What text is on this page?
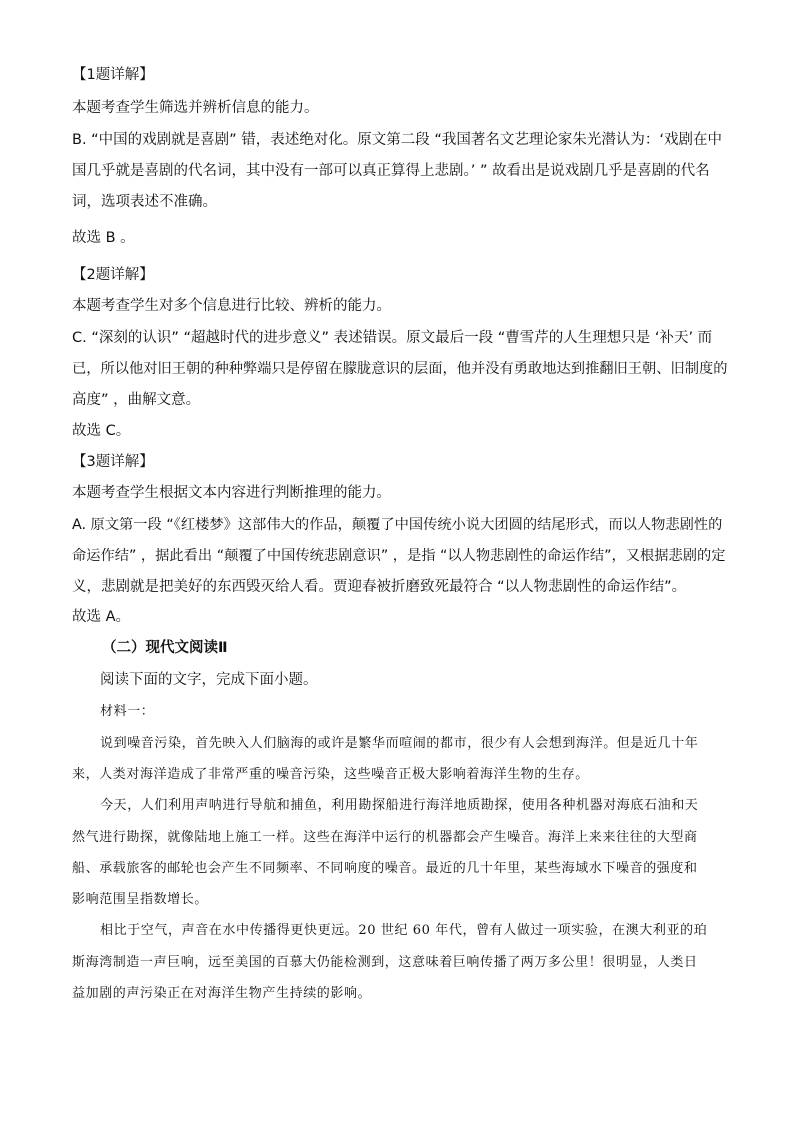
【1题详解】
本题考查学生筛选并辨析信息的能力。
B. “中国的戏剧就是喜剧” 错，表述绝对化。原文第二段 “我国著名文艺理论家朱光潜认为：‘戏剧在中
国几乎就是喜剧的代名词，其中没有一部可以真正算得上悲剧。’ ” 故看出是说戏剧几乎是喜剧的代名
词，选项表述不准确。
故选 B 。
【2题详解】
本题考查学生对多个信息进行比较、辨析的能力。
C. “深刻的认识” “超越时代的进步意义” 表述错误。原文最后一段 “曹雪芹的人生理想只是 ‘补天’ 而
已，所以他对旧王朝的种种弊端只是停留在朦胧意识的层面，他并没有勇敢地达到推翻旧王朝、旧制度的
高度” ，曲解文意。
故选 C。
【3题详解】
本题考查学生根据文本内容进行判断推理的能力。
A. 原文第一段 “《红楼梦》这部伟大的作品，颠覆了中国传统小说大团圆的结尾形式，而以人物悲剧性的
命运作结” ，据此看出 “颠覆了中国传统悲剧意识” ，是指 “以人物悲剧性的命运作结”，又根据悲剧的定
义，悲剧就是把美好的东西毁灭给人看。贾迎春被折磨致死最符合 “以人物悲剧性的命运作结”。
故选 A。
（二）现代文阅读Ⅱ
阅读下面的文字，完成下面小题。
材料一：
说到噪音污染，首先映入人们脑海的或许是繁华而喧闹的都市，很少有人会想到海洋。但是近几十年
来，人类对海洋造成了非常严重的噪音污染，这些噪音正极大影响着海洋生物的生存。
今天，人们利用声呐进行导航和捕鱼，利用勘探船进行海洋地质勘探，使用各种机器对海底石油和天
然气进行勘探，就像陆地上施工一样。这些在海洋中运行的机器都会产生噪音。海洋上来来往往的大型商
船、承载旅客的邮轮也会产生不同频率、不同响度的噪音。最近的几十年里，某些海域水下噪音的强度和
影响范围呈指数增长。
相比于空气，声音在水中传播得更快更远。20 世纪 60 年代，曾有人做过一项实验，在澳大利亚的珀
斯海湾制造一声巨响，远至美国的百慕大仍能检测到，这意味着巨响传播了两万多公里！很明显，人类日
益加剧的声污染正在对海洋生物产生持续的影响。
